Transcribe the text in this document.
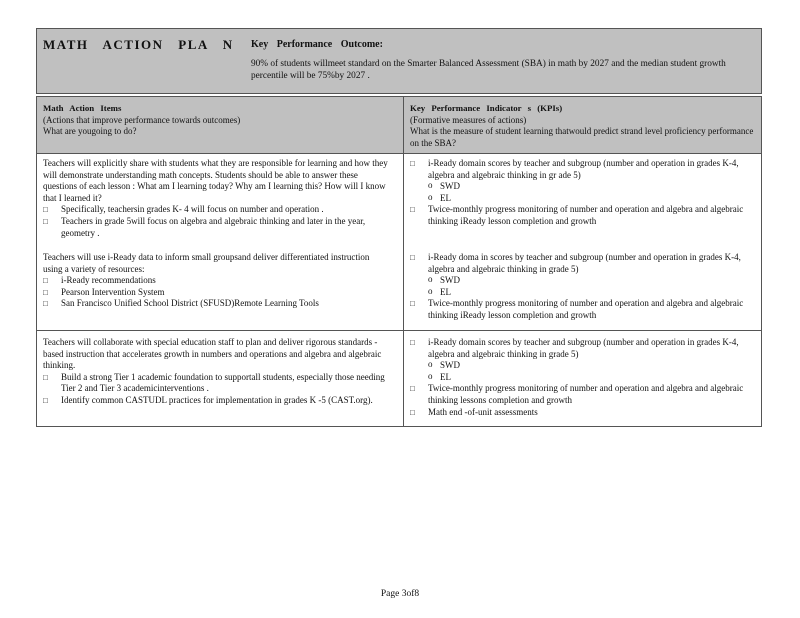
MATH ACTION PLA N Key Performance Outcome:
90% of students willmeet standard on the Smarter Balanced Assessment (SBA) in math by 2027 and the median student growth percentile will be 75%by 2027 .
Math Action Items
(Actions that improve performance towards outcomes)
What are yougoing to do?
Key Performance Indicator s (KPIs)
(Formative measures of actions)
What is the measure of student learning thatwould predict strand level proficiency performance on the SBA?

Teachers will explicitly share with students what they are responsible for learning and how they will demonstrate understanding math concepts. Students should be able to answer these questions of each lesson : What am I learning today? Why am I learning this? How will I know that I learned it?

□ Specifically, teachersin grades K- 4 will focus on number and operation .
□ Teachers in grade 5will focus on algebra and algebraic thinking and later in the year, geometry .
□ i-Ready domain scores by teacher and subgroup (number and operation in grades K-4, algebra and algebraic thinking in gr ade 5)
o SWD
o EL
□ Twice-monthly progress monitoring of number and operation and algebra and algebraic thinking iReady lesson completion and growth

Teachers will use i-Ready data to inform small groupsand deliver differentiated instruction using a variety of resources:

□ i-Ready recommendations
□ Pearson Intervention System
□ San Francisco Unified School District (SFUSD)Remote Learning Tools
□ i-Ready doma in scores by teacher and subgroup (number and operation in grades K-4, algebra and algebraic thinking in grade 5)
o SWD
o EL
□ Twice-monthly progress monitoring of number and operation and algebra and algebraic thinking iReady lesson completion and growth

Teachers will collaborate with special education staff to plan and deliver rigorous standards -based instruction that accelerates growth in numbers and operations and algebra and algebraic thinking.

□ Build a strong Tier 1 academic foundation to supportall students, especially those needing Tier 2 and Tier 3 academicinterventions .
□ Identify common CASTUDL practices for implementation in grades K -5 (CAST.org).
□ i-Ready domain scores by teacher and subgroup (number and operation in grades K-4, algebra and algebraic thinking in grade 5)
o SWD
o EL
□ Twice-monthly progress monitoring of number and operation and algebra and algebraic thinking lessons completion and growth
□ Math end -of-unit assessments
Page 3of8
